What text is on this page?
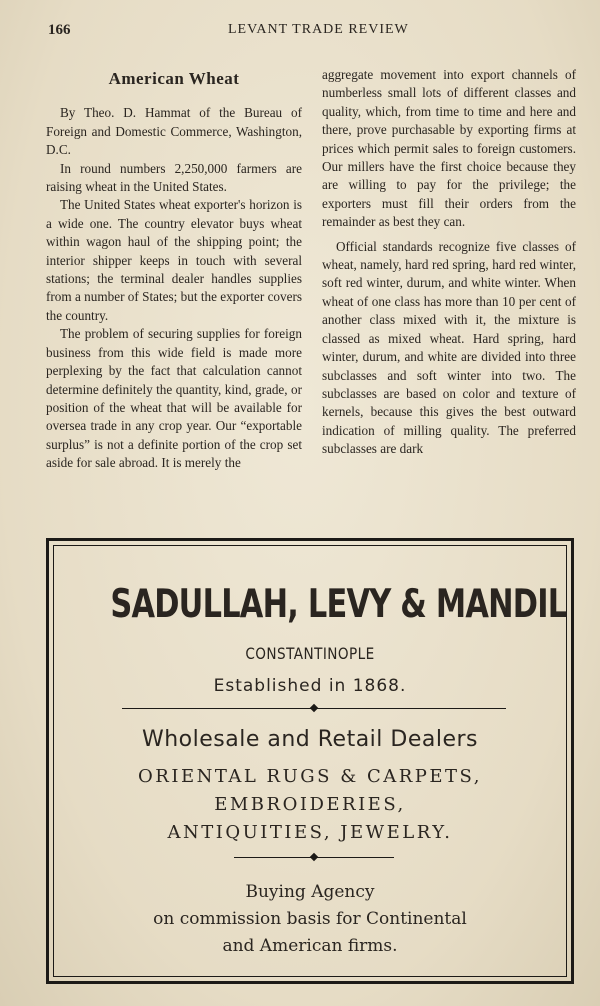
166	LEVANT TRADE REVIEW
American Wheat

By Theo. D. Hammat of the Bureau of Foreign and Domestic Commerce, Washington, D.C.

In round numbers 2,250,000 farmers are raising wheat in the United States.

The United States wheat exporter's horizon is a wide one. The country elevator buys wheat within wagon haul of the shipping point; the interior shipper keeps in touch with several stations; the terminal dealer handles supplies from a number of States; but the exporter covers the country.

The problem of securing supplies for foreign business from this wide field is made more perplexing by the fact that calculation cannot determine definitely the quantity, kind, grade, or position of the wheat that will be available for oversea trade in any crop year. Our “exportable surplus” is not a definite portion of the crop set aside for sale abroad. It is merely the

aggregate movement into export channels of numberless small lots of different classes and quality, which, from time to time and here and there, prove purchasable by exporting firms at prices which permit sales to foreign customers. Our millers have the first choice because they are willing to pay for the privilege; the exporters must fill their orders from the remainder as best they can.

Official standards recognize five classes of wheat, namely, hard red spring, hard red winter, soft red winter, durum, and white winter. When wheat of one class has more than 10 per cent of another class mixed with it, the mixture is classed as mixed wheat. Hard spring, hard winter, durum, and white are divided into three subclasses and soft winter into two. The subclasses are based on color and texture of kernels, because this gives the best outward indication of milling quality. The preferred subclasses are dark

SADULLAH, LEVY & MANDIL
CONSTANTINOPLE
Established in 1868.
Wholesale and Retail Dealers
ORIENTAL RUGS & CARPETS,
EMBROIDERIES,
ANTIQUITIES, JEWELRY.
Buying Agency
on commission basis for Continental
and American firms.
